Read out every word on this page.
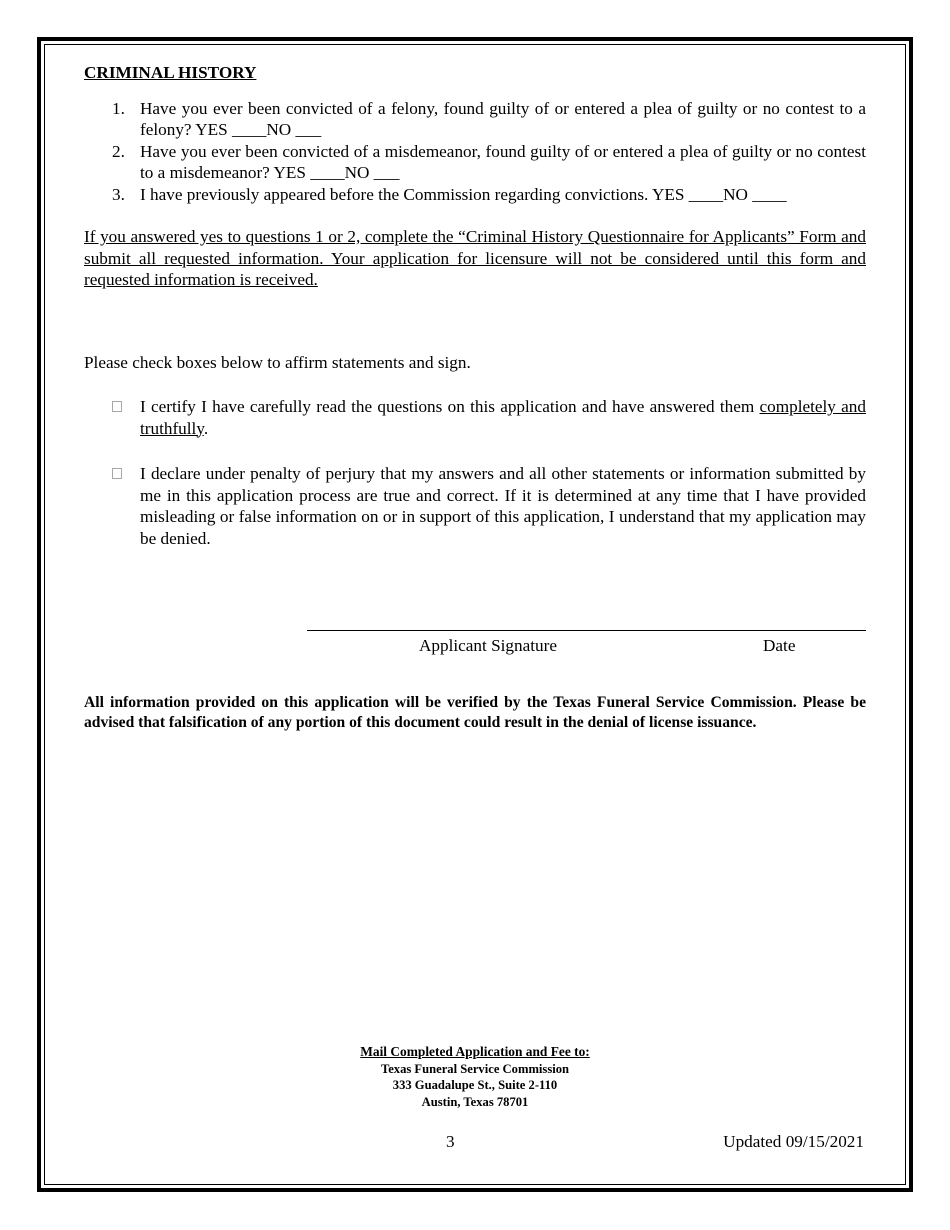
CRIMINAL HISTORY
1. Have you ever been convicted of a felony, found guilty of or entered a plea of guilty or no contest to a felony? YES ____NO ___
2. Have you ever been convicted of a misdemeanor, found guilty of or entered a plea of guilty or no contest to a misdemeanor? YES ____NO ___
3. I have previously appeared before the Commission regarding convictions. YES ____NO ____
If you answered yes to questions 1 or 2, complete the “Criminal History Questionnaire for Applicants” Form and submit all requested information. Your application for licensure will not be considered until this form and requested information is received.
Please check boxes below to affirm statements and sign.
I certify I have carefully read the questions on this application and have answered them completely and truthfully.
I declare under penalty of perjury that my answers and all other statements or information submitted by me in this application process are true and correct. If it is determined at any time that I have provided misleading or false information on or in support of this application, I understand that my application may be denied.
Applicant Signature	Date
All information provided on this application will be verified by the Texas Funeral Service Commission. Please be advised that falsification of any portion of this document could result in the denial of license issuance.
Mail Completed Application and Fee to:
Texas Funeral Service Commission
333 Guadalupe St., Suite 2-110
Austin, Texas 78701
3	Updated 09/15/2021
